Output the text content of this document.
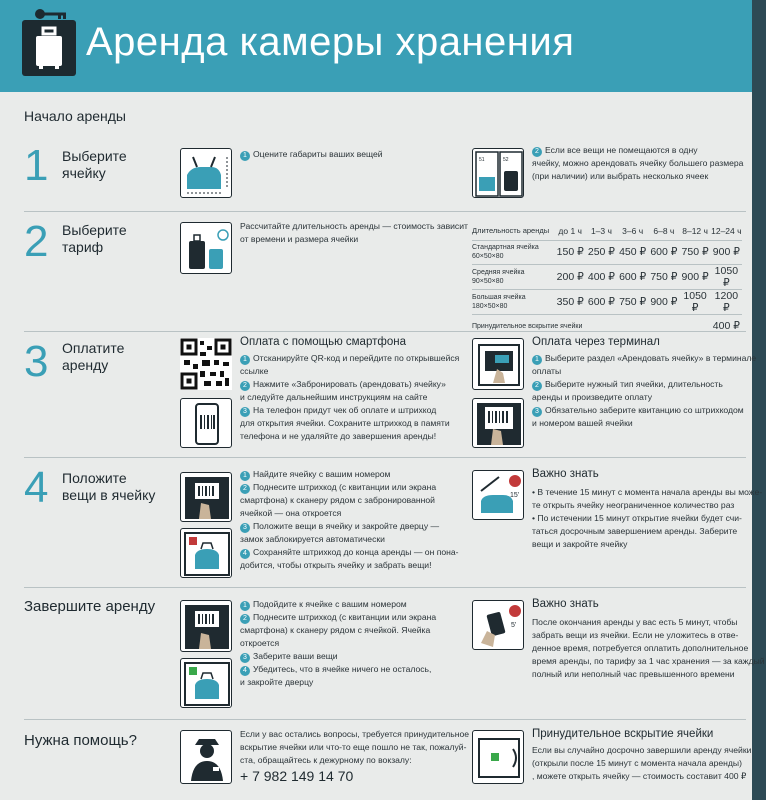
Аренда камеры хранения
Начало аренды
1 Выберите
ячейку
1 Оцените габариты ваших вещей
51	52
2 Если все вещи не помещаются в одну
ячейку, можно арендовать ячейку большего размера
(при наличии) или выбрать несколько ячеек
2 Выберите
тариф
Рассчитайте длительность аренды — стоимость зависит
от времени и размера ячейки
Длительность аренды	до 1 ч	1–3 ч	3–6 ч	6–8 ч	8–12 ч	12–24 ч

Стандартная ячейка
60×50×80	150 ₽	250 ₽	450 ₽	600 ₽	750 ₽	900 ₽

Средняя ячейка
90×50×80	200 ₽	400 ₽	600 ₽	750 ₽	900 ₽	1050 ₽

Большая ячейка
180×50×80	350 ₽	600 ₽	750 ₽	900 ₽	1050 ₽	1200 ₽
Принудительное вскрытие ячейки						400 ₽
3 Оплатите
аренду
Оплата с помощью смартфона
1 Отсканируйте QR-код и перейдите по открывшейся
ссылке
2 Нажмите «Забронировать (арендовать) ячейку»
и следуйте дальнейшим инструкциям на сайте
3 На телефон придут чек об оплате и штрихкод
для открытия ячейки. Сохраните штрихкод в памяти
телефона и не удаляйте до завершения аренды!
Оплата через терминал
1 Выберите раздел «Арендовать ячейку» в терминале
оплаты
2 Выберите нужный тип ячейки, длительность
аренды и произведите оплату
3 Обязательно заберите квитанцию со штрихкодом
и номером вашей ячейки
4 Положите
вещи в ячейку
1 Найдите ячейку с вашим номером
2 Поднесите штрихкод (с квитанции или экрана
смартфона) к сканеру рядом с забронированной
ячейкой — она откроется
3 Положите вещи в ячейку и закройте дверцу —
замок заблокируется автоматически
4 Сохраняйте штрихкод до конца аренды — он пона-
добится, чтобы открыть ячейку и забрать вещи!
15'
Важно знать
• В течение 15 минут с момента начала аренды вы може-
те открыть ячейку неограниченное количество раз
• По истечении 15 минут открытие ячейки будет счи-
таться досрочным завершением аренды. Заберите
вещи и закройте ячейку
Завершите аренду	1 Подойдите к ячейке с вашим номером
2 Поднесите штрихкод (с квитанции или экрана
смартфона) к сканеру рядом с ячейкой. Ячейка
откроется
3 Заберите ваши вещи
4 Убедитесь, что в ячейке ничего не осталось,
и закройте дверцу
5'
Важно знать
После окончания аренды у вас есть 5 минут, чтобы
забрать вещи из ячейки. Если не уложитесь в отве-
денное время, потребуется оплатить дополнительное
время аренды, по тарифу за 1 час хранения — за каждый
полный или неполный час превышенного времени
Нужна помощь?	Если у вас остались вопросы, требуется принудительное
вскрытие ячейки или что-то еще пошло не так, пожалуй-
ста, обращайтесь к дежурному по вокзалу:
+ 7 982 149 14 70
Принудительное вскрытие ячейки
Если вы случайно досрочно завершили аренду ячейки
(открыли после 15 минут с момента начала аренды)
, можете открыть ячейку — стоимость составит 400 ₽
